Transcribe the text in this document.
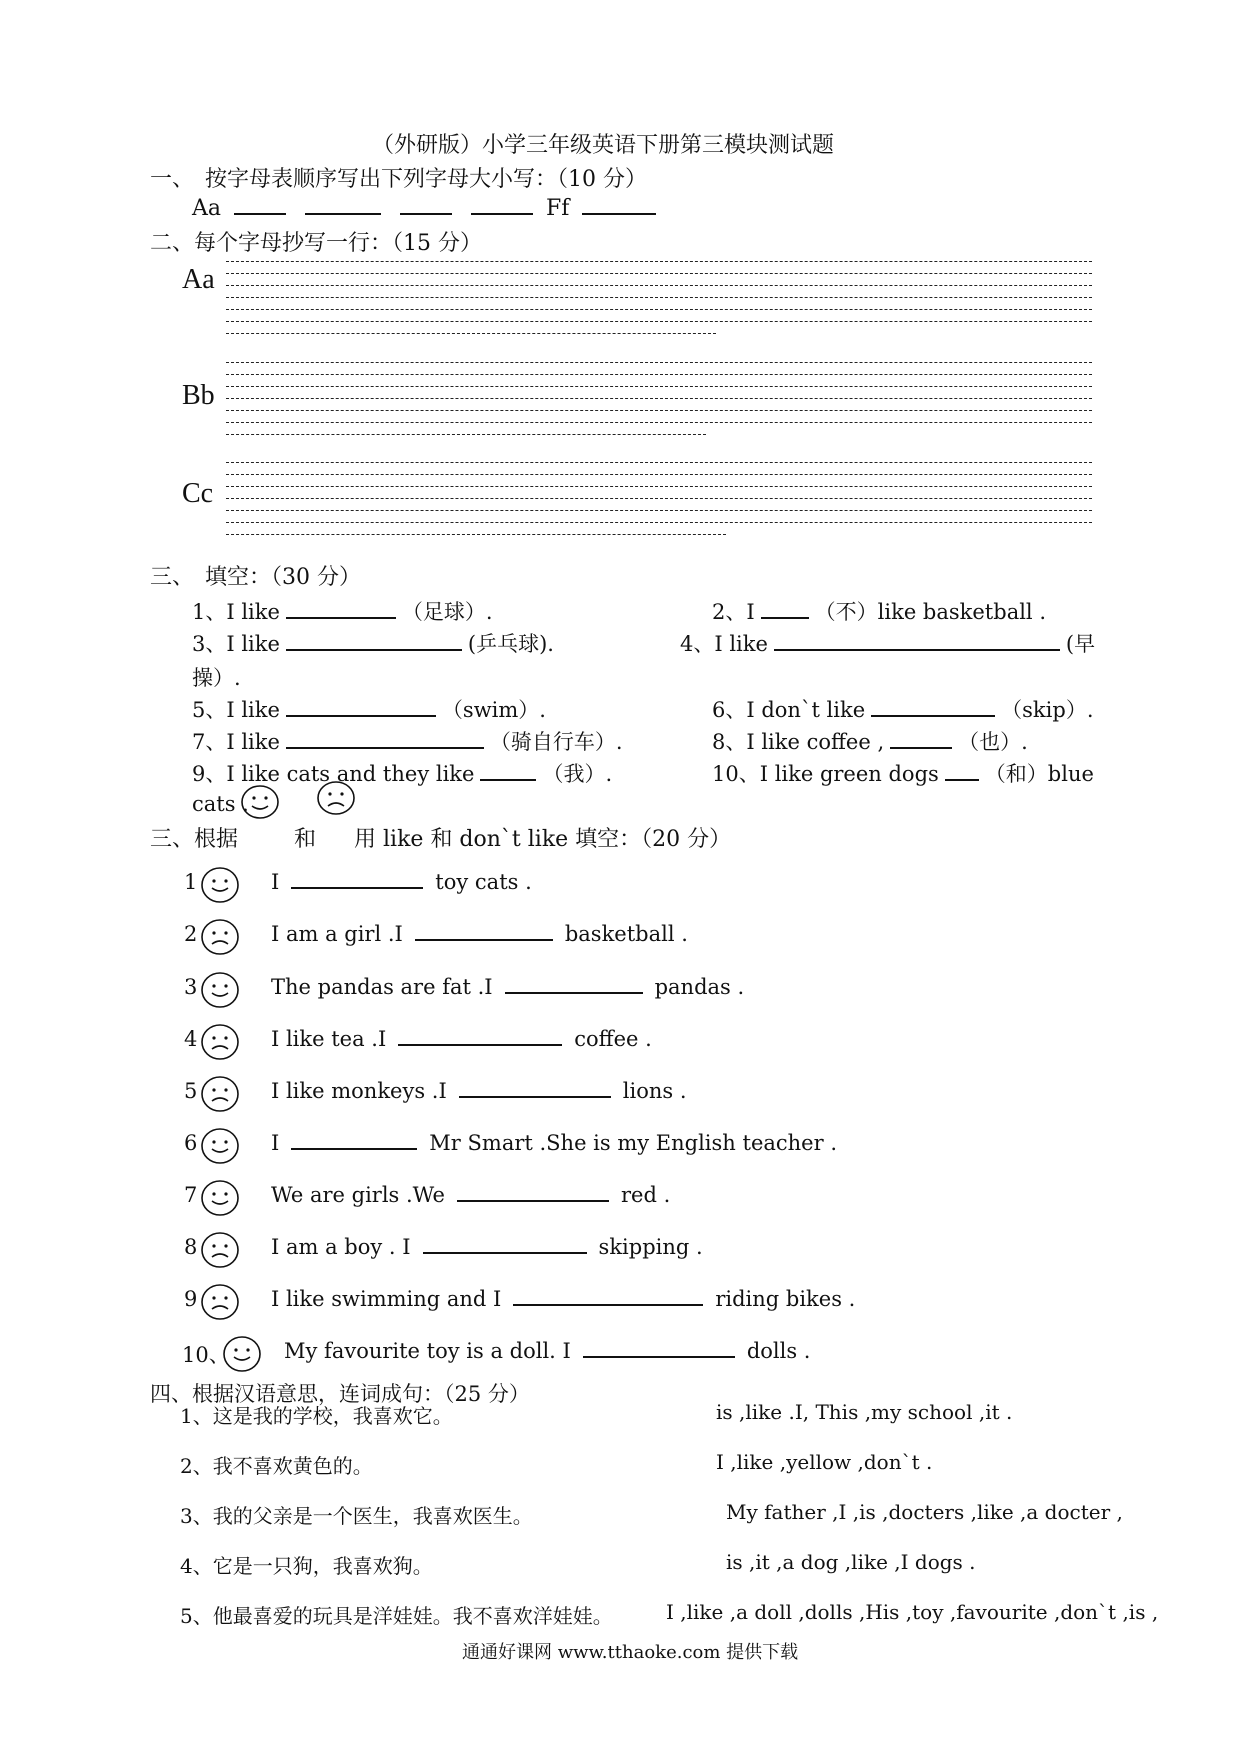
（外研版）小学三年级英语下册第三模块测试题
一、　按字母表顺序写出下列字母大小写：（10 分）
Aa	Ff
二、每个字母抄写一行：（15 分）
Aa
Bb
Cc
三、　填空：（30 分）
1、I like	（足球）.	2、I	（不）like basketball .
3、I like	(乒乓球).	4、I like	(早
操）.
5、I like	（swim）.	6、I don`t like	（skip）.
7、I like	（骑自行车）.	8、I like coffee ,	（也）.
9、I like cats and they like	（我）.	10、I like green dogs （和）blue
cats .
三、根据	和 用 like 和 don`t like 填空：（20 分）
1	I	toy cats .
2	I am a girl .I	basketball .
3	The pandas are fat .I	pandas .
4	I like tea .I	coffee .
5	I like monkeys .I	lions .
6	I	Mr Smart .She is my English teacher .
7	We are girls .We	red .
8	I am a boy . I	skipping .
9	I like swimming and I	riding bikes .
10、	My favourite toy is a doll. I	dolls .
四、根据汉语意思，连词成句：（25 分）
1、这是我的学校，我喜欢它。	is ,like .I, This ,my school ,it .
2、我不喜欢黄色的。	I ,like ,yellow ,don`t .
3、我的父亲是一个医生，我喜欢医生。	My father ,I ,is ,docters ,like ,a docter ,
4、它是一只狗，我喜欢狗。	is ,it ,a dog ,like ,I dogs .
5、他最喜爱的玩具是洋娃娃。我不喜欢洋娃娃。	I ,like ,a doll ,dolls ,His ,toy ,favourite ,don`t ,is ,
通通好课网 www.tthaoke.com 提供下载
